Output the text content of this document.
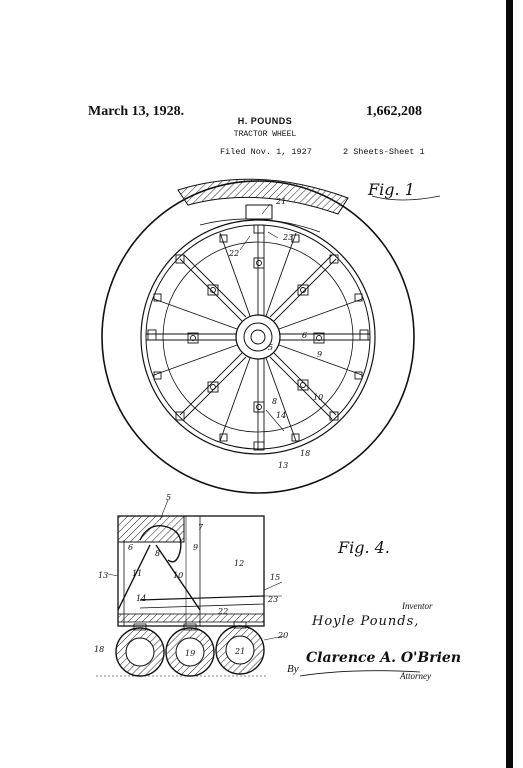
March 13, 1928.	1,662,208
H. POUNDS
TRACTOR WHEEL
Filed Nov. 1, 1927	2 Sheets-Sheet 1
21
23
22
5
6
9
10
8
14
13
18
5
7
6	9
8
10
11
13
12
15
14
22
23
18	19	21
20
Fig. 1
Fig. 4.
Inventor
Hoyle Pounds,
By
Clarence A. O'Brien
Attorney
